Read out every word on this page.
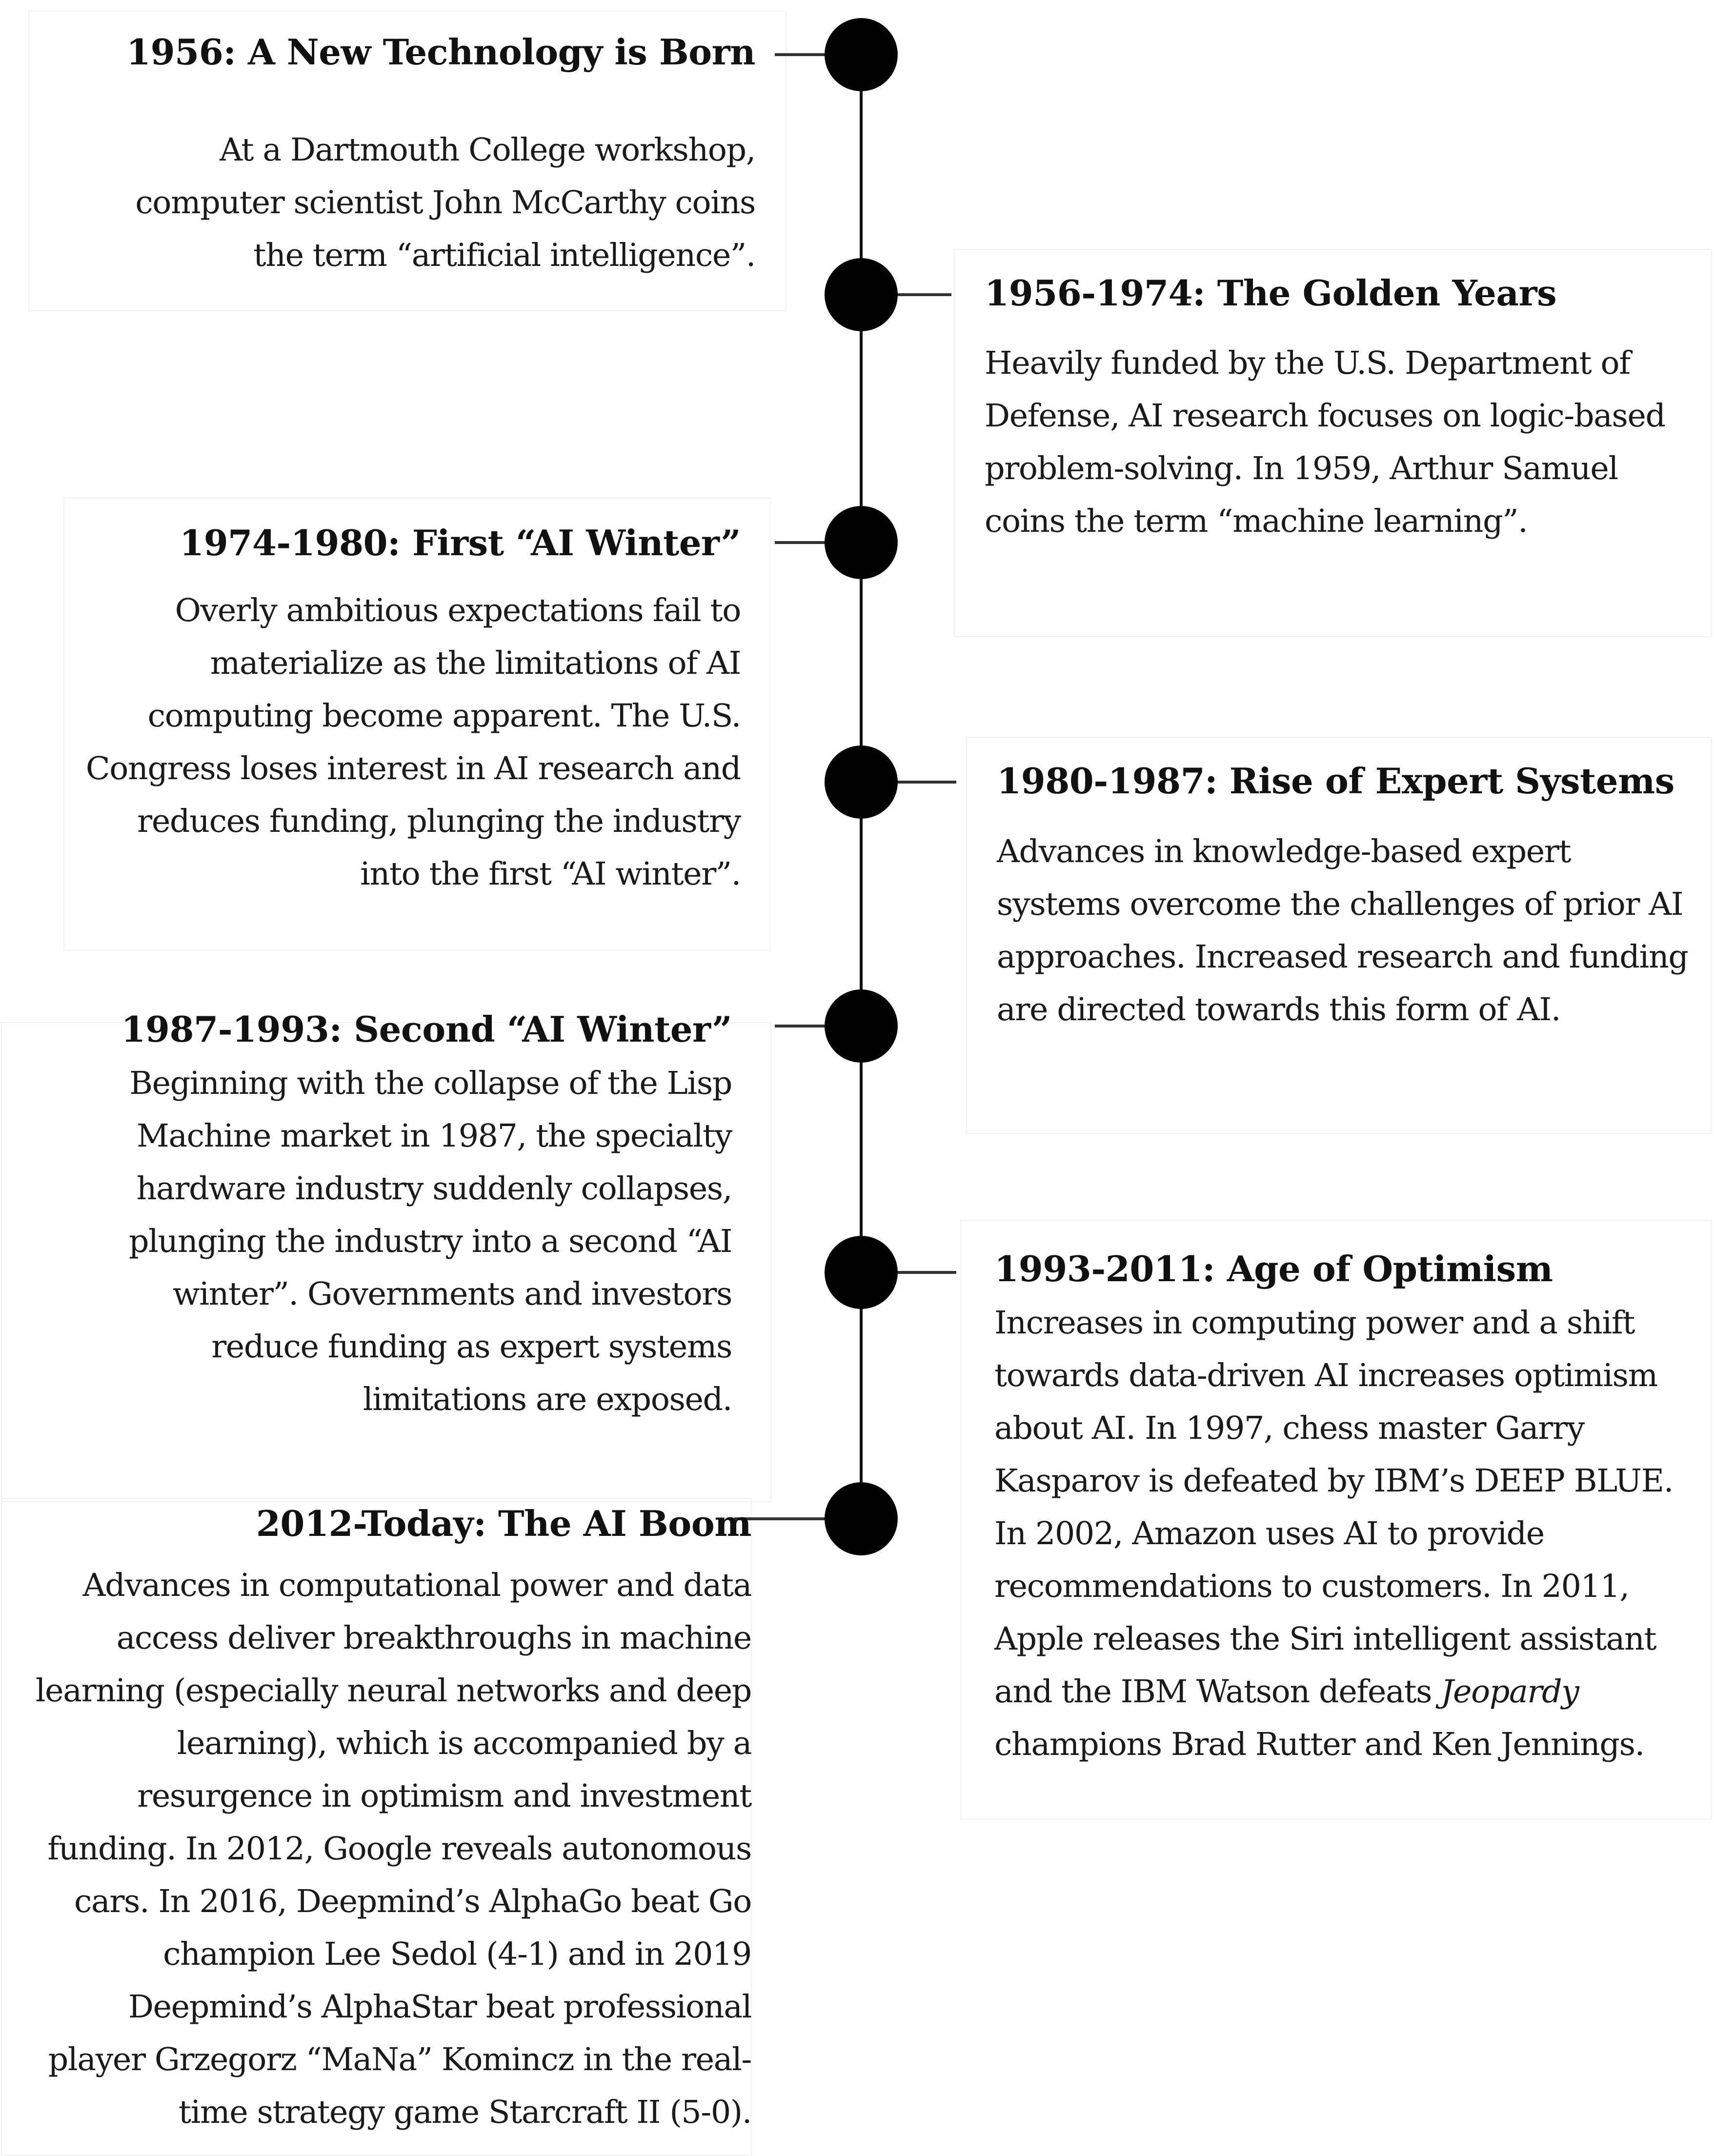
1956: A New Technology is Born

At a Dartmouth College workshop,
computer scientist John McCarthy coins
the term “artificial intelligence”.

1956-1974: The Golden Years

Heavily funded by the U.S. Department of
Defense, AI research focuses on logic-based
problem-solving. In 1959, Arthur Samuel
coins the term “machine learning”.

1974-1980: First “AI Winter”

Overly ambitious expectations fail to
materialize as the limitations of AI
computing become apparent. The U.S.
Congress loses interest in AI research and
reduces funding, plunging the industry
into the first “AI winter”.

1980-1987: Rise of Expert Systems

Advances in knowledge-based expert
systems overcome the challenges of prior AI
approaches. Increased research and funding
are directed towards this form of AI.

1987-1993: Second “AI Winter”

Beginning with the collapse of the Lisp
Machine market in 1987, the specialty
hardware industry suddenly collapses,
plunging the industry into a second “AI
winter”. Governments and investors
reduce funding as expert systems
limitations are exposed.

1993-2011: Age of Optimism

Increases in computing power and a shift
towards data-driven AI increases optimism
about AI. In 1997, chess master Garry
Kasparov is defeated by IBM’s DEEP BLUE.
In 2002, Amazon uses AI to provide
recommendations to customers. In 2011,
Apple releases the Siri intelligent assistant
and the IBM Watson defeats Jeopardy
champions Brad Rutter and Ken Jennings.

2012-Today: The AI Boom

Advances in computational power and data
access deliver breakthroughs in machine
learning (especially neural networks and deep
learning), which is accompanied by a
resurgence in optimism and investment
funding. In 2012, Google reveals autonomous
cars. In 2016, Deepmind’s AlphaGo beat Go
champion Lee Sedol (4-1) and in 2019
Deepmind’s AlphaStar beat professional
player Grzegorz “MaNa” Komincz in the real-
time strategy game Starcraft II (5-0).
